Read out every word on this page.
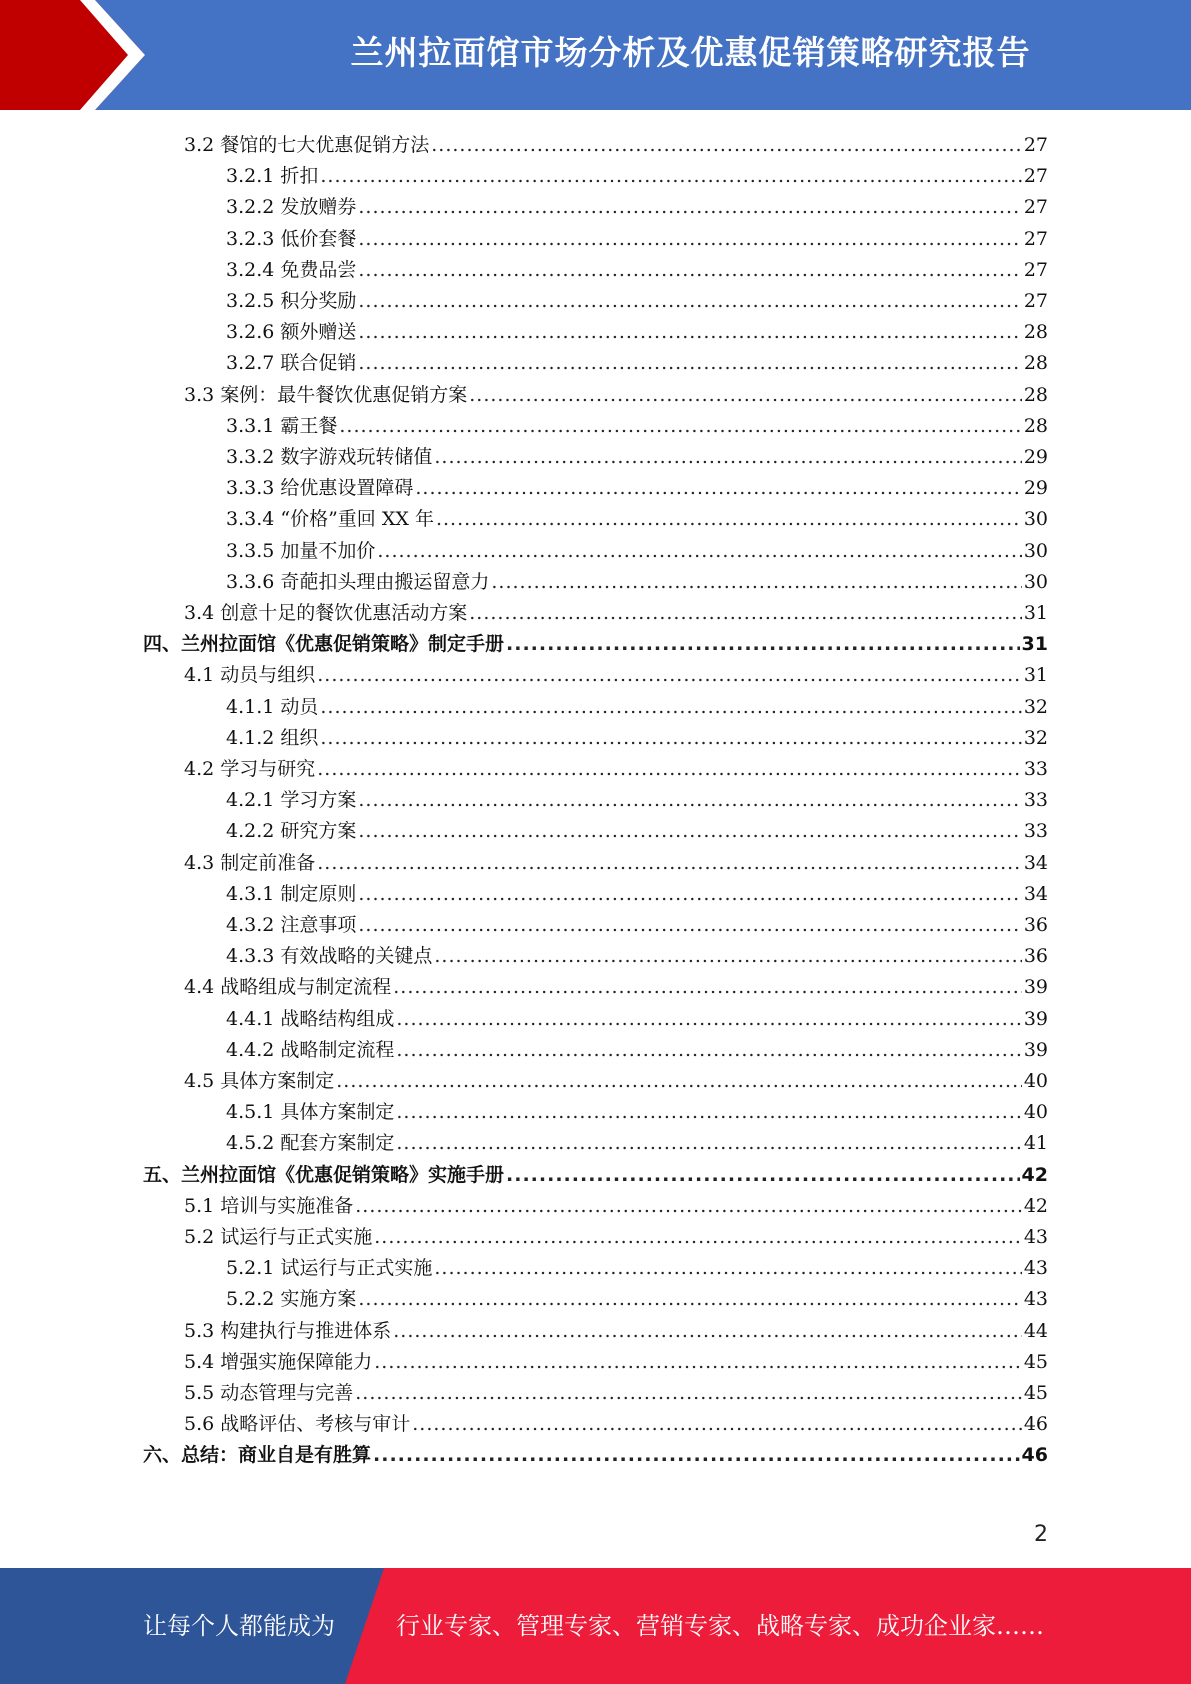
兰州拉面馆市场分析及优惠促销策略研究报告
3.2 餐馆的七大优惠促销方法 .....	27
3.2.1 折扣 .....	27
3.2.2 发放赠券 .....	27
3.2.3 低价套餐 .....	27
3.2.4 免费品尝 .....	27
3.2.5 积分奖励 .....	27
3.2.6 额外赠送 .....	28
3.2.7 联合促销 .....	28
3.3 案例：最牛餐饮优惠促销方案 .....	28
3.3.1 霸王餐 .....	28
3.3.2 数字游戏玩转储值 .....	29
3.3.3 给优惠设置障碍 .....	29
3.3.4 “价格”重回 XX 年 .....	30
3.3.5 加量不加价 .....	30
3.3.6 奇葩扣头理由搬运留意力 .....	30
3.4 创意十足的餐饮优惠活动方案 .....	31
四、兰州拉面馆《优惠促销策略》制定手册 .....	31
4.1 动员与组织 .....	31
4.1.1 动员 .....	32
4.1.2 组织 .....	32
4.2 学习与研究 .....	33
4.2.1 学习方案 .....	33
4.2.2 研究方案 .....	33
4.3 制定前准备 .....	34
4.3.1 制定原则 .....	34
4.3.2 注意事项 .....	36
4.3.3 有效战略的关键点 .....	36
4.4 战略组成与制定流程 .....	39
4.4.1 战略结构组成 .....	39
4.4.2 战略制定流程 .....	39
4.5 具体方案制定 .....	40
4.5.1 具体方案制定 .....	40
4.5.2 配套方案制定 .....	41
五、兰州拉面馆《优惠促销策略》实施手册 .....	42
5.1 培训与实施准备 .....	42
5.2 试运行与正式实施 .....	43
5.2.1 试运行与正式实施 .....	43
5.2.2 实施方案 .....	43
5.3 构建执行与推进体系 .....	44
5.4 增强实施保障能力 .....	45
5.5 动态管理与完善 .....	45
5.6 战略评估、考核与审计 .....	46
六、总结：商业自是有胜算 .....	46
2
让每个人都能成为	行业专家、管理专家、营销专家、战略专家、成功企业家……
